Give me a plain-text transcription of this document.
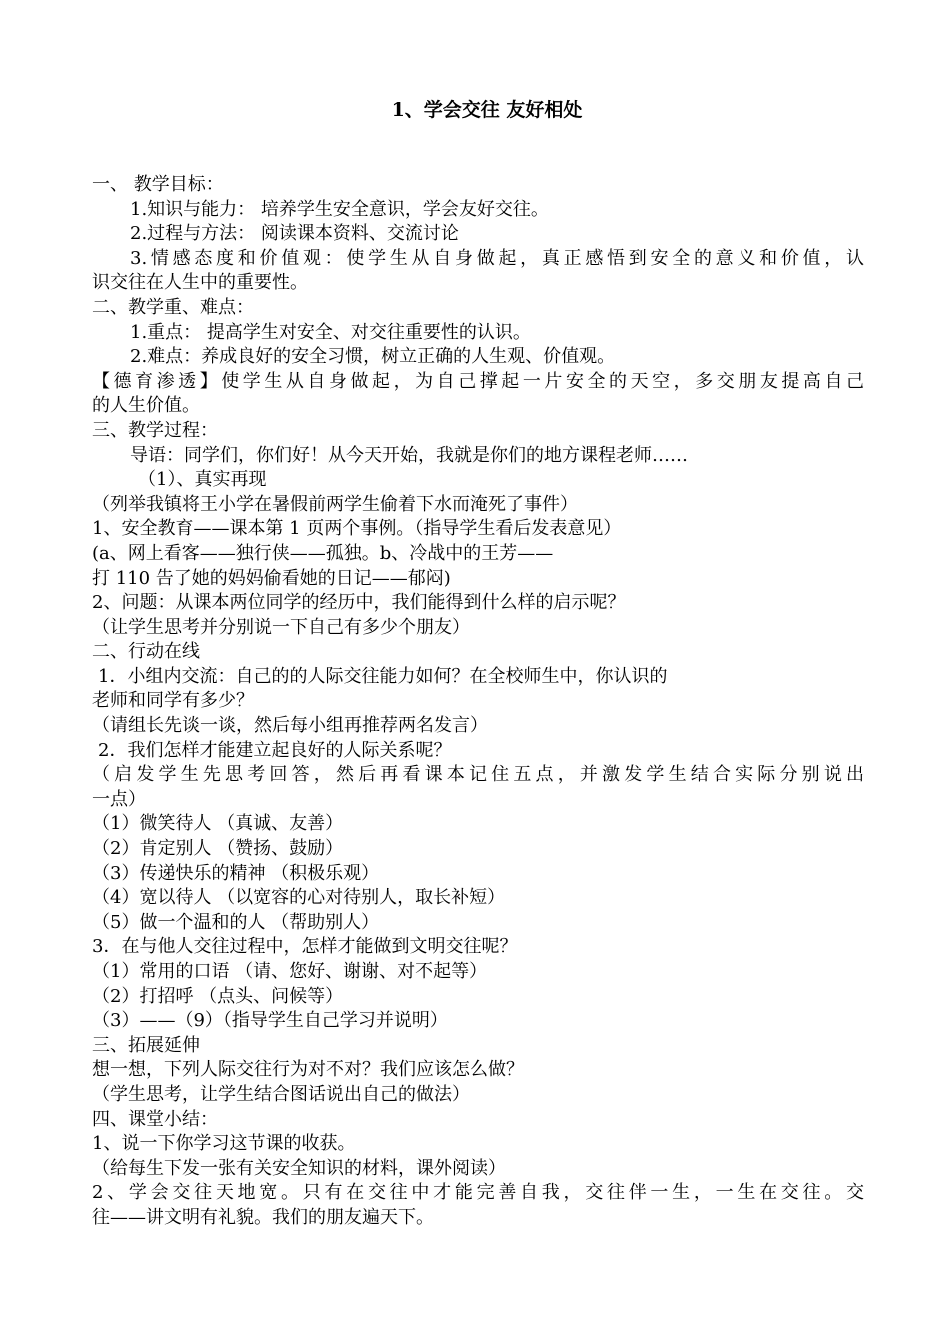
1、学会交往 友好相处
一、 教学目标：
1.知识与能力： 培养学生安全意识，学会友好交往。
2.过程与方法： 阅读课本资料、交流讨论
3.情感态度和价值观：使学生从自身做起，真正感悟到安全的意义和价值，认
识交往在人生中的重要性。
二、教学重、难点：
1.重点： 提高学生对安全、对交往重要性的认识。
2.难点：养成良好的安全习惯，树立正确的人生观、价值观。
【德育渗透】使学生从自身做起，为自己撑起一片安全的天空，多交朋友提高自己
的人生价值。
三、教学过程：
导语：同学们，你们好！从今天开始，我就是你们的地方课程老师……
（1）、真实再现
（列举我镇将王小学在暑假前两学生偷着下水而淹死了事件）
1、安全教育——课本第 1 页两个事例。（指导学生看后发表意见）
(a、网上看客——独行侠——孤独。b、冷战中的王芳——
打 110 告了她的妈妈偷看她的日记——郁闷)
2、问题：从课本两位同学的经历中，我们能得到什么样的启示呢？
（让学生思考并分别说一下自己有多少个朋友）
二、行动在线
1．小组内交流：自己的的人际交往能力如何？在全校师生中，你认识的
老师和同学有多少？
（请组长先谈一谈，然后每小组再推荐两名发言）
2．我们怎样才能建立起良好的人际关系呢？
（启发学生先思考回答，然后再看课本记住五点，并激发学生结合实际分别说出
一点）
（1）微笑待人 （真诚、友善）
（2）肯定别人 （赞扬、鼓励）
（3）传递快乐的精神 （积极乐观）
（4）宽以待人 （以宽容的心对待别人，取长补短）
（5）做一个温和的人 （帮助别人）
3．在与他人交往过程中，怎样才能做到文明交往呢？
（1）常用的口语 （请、您好、谢谢、对不起等）
（2）打招呼 （点头、问候等）
（3）——（9）（指导学生自己学习并说明）
三、拓展延伸
想一想，下列人际交往行为对不对？我们应该怎么做？
（学生思考，让学生结合图话说出自己的做法）
四、课堂小结：
1、说一下你学习这节课的收获。
（给每生下发一张有关安全知识的材料，课外阅读）
2、学会交往天地宽。只有在交往中才能完善自我，交往伴一生，一生在交往。交
往——讲文明有礼貌。我们的朋友遍天下。
